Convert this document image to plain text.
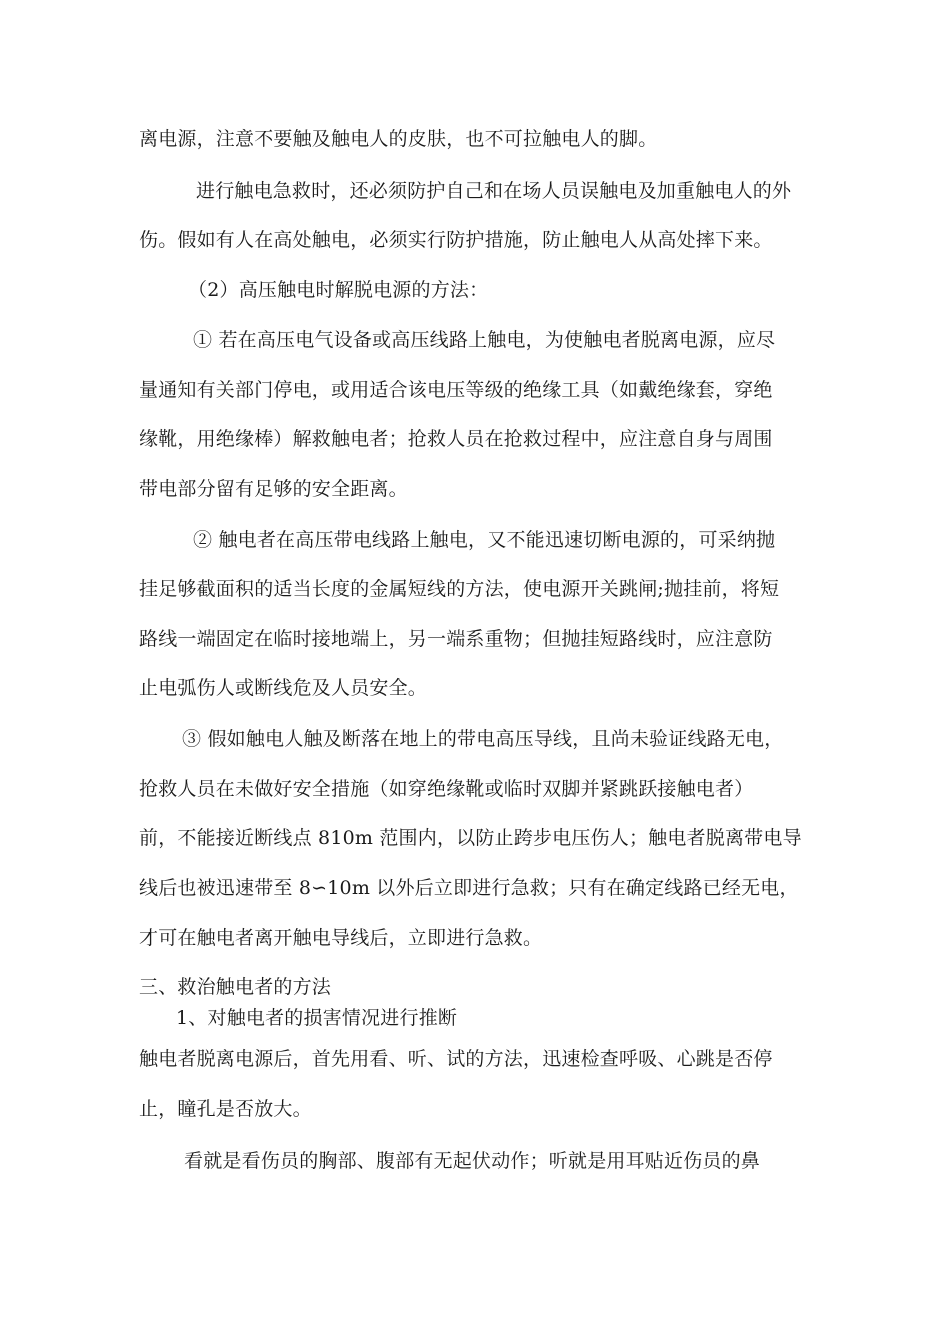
离电源，注意不要触及触电人的皮肤，也不可拉触电人的脚。
进行触电急救时，还必须防护自己和在场人员误触电及加重触电人的外
伤。假如有人在高处触电，必须实行防护措施，防止触电人从高处摔下来。
（2）高压触电时解脱电源的方法：
① 若在高压电气设备或高压线路上触电，为使触电者脱离电源，应尽
量通知有关部门停电，或用适合该电压等级的绝缘工具（如戴绝缘套，穿绝
缘靴，用绝缘棒）解救触电者；抢救人员在抢救过程中，应注意自身与周围
带电部分留有足够的安全距离。
② 触电者在高压带电线路上触电，又不能迅速切断电源的，可采纳抛
挂足够截面积的适当长度的金属短线的方法，使电源开关跳闸;抛挂前，将短
路线一端固定在临时接地端上，另一端系重物；但抛挂短路线时，应注意防
止电弧伤人或断线危及人员安全。
③ 假如触电人触及断落在地上的带电高压导线，且尚未验证线路无电，
抢救人员在未做好安全措施（如穿绝缘靴或临时双脚并紧跳跃接触电者）
前，不能接近断线点 810m 范围内，以防止跨步电压伤人；触电者脱离带电导
线后也被迅速带至 8∽10m 以外后立即进行急救；只有在确定线路已经无电，
才可在触电者离开触电导线后，立即进行急救。
三、救治触电者的方法
1、对触电者的损害情况进行推断
触电者脱离电源后，首先用看、听、试的方法，迅速检查呼吸、心跳是否停
止，瞳孔是否放大。
看就是看伤员的胸部、腹部有无起伏动作；听就是用耳贴近伤员的鼻
